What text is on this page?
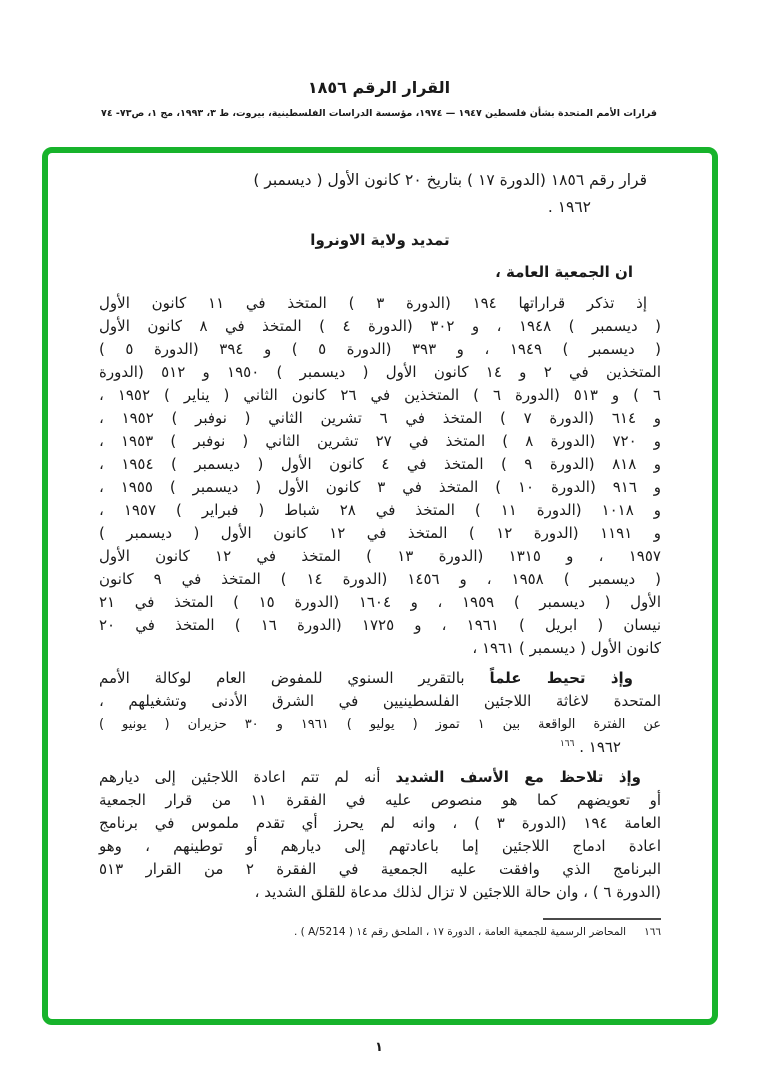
القرار الرقم ١٨٥٦
قرارات الأمم المتحدة بشأن فلسطين ١٩٤٧ — ١٩٧٤، مؤسسة الدراسات الفلسطينية، بيروت، ط ٣، ١٩٩٣، مج ١، ص٧٣- ٧٤
قرار رقم ١٨٥٦ (الدورة ١٧ ) بتاريخ ٢٠ كانون الأول ( ديسمبر )
١٩٦٢ .
تمديد ولاية الاونروا
ان الجمعية العامة ،
إذ تذكر قراراتها ١٩٤ (الدورة ٣ ) المتخذ في ١١ كانون الأول
( ديسمبر ) ١٩٤٨ ، و ٣٠٢ (الدورة ٤ ) المتخذ في ٨ كانون الأول
( ديسمبر ) ١٩٤٩ ، و ٣٩٣ (الدورة ٥ ) و ٣٩٤ (الدورة ٥ )
المتخذين في ٢ و ١٤ كانون الأول ( ديسمبر ) ١٩٥٠ و ٥١٢ (الدورة
٦ ) و ٥١٣ (الدورة ٦ ) المتخذين في ٢٦ كانون الثاني ( يناير ) ١٩٥٢ ،
و ٦١٤ (الدورة ٧ ) المتخذ في ٦ تشرين الثاني ( نوفبر ) ١٩٥٢ ،
و ٧٢٠ (الدورة ٨ ) المتخذ في ٢٧ تشرين الثاني ( نوفبر ) ١٩٥٣ ،
و ٨١٨ (الدورة ٩ ) المتخذ في ٤ كانون الأول ( ديسمبر ) ١٩٥٤ ،
و ٩١٦ (الدورة ١٠ ) المتخذ في ٣ كانون الأول ( ديسمبر ) ١٩٥٥ ،
و ١٠١٨ (الدورة ١١ ) المتخذ في ٢٨ شباط ( فبراير ) ١٩٥٧ ،
و ١١٩١ (الدورة ١٢ ) المتخذ في ١٢ كانون الأول ( ديسمبر )
١٩٥٧ ، و ١٣١٥ (الدورة ١٣ ) المتخذ في ١٢ كانون الأول
( ديسمبر ) ١٩٥٨ ، و ١٤٥٦ (الدورة ١٤ ) المتخذ في ٩ كانون
الأول ( ديسمبر ) ١٩٥٩ ، و ١٦٠٤ (الدورة ١٥ ) المتخذ في ٢١
نيسان ( ابريل ) ١٩٦١ ، و ١٧٢٥ (الدورة ١٦ ) المتخذ في ٢٠
كانون الأول ( ديسمبر ) ١٩٦١ ،
وإذ تحيط علماً بالتقرير السنوي للمفوض العام لوكالة الأمم
المتحدة لاغاثة اللاجئين الفلسطينيين في الشرق الأدنى وتشغيلهم ،
عن الفترة الواقعة بين ١ تموز ( يوليو ) ١٩٦١ و ٣٠ حزيران ( يونيو )
١٩٦٢ . $^{١٦٦}$
وإذ تلاحظ مع الأسف الشديد أنه لم تتم اعادة اللاجئين إلى ديارهم
أو تعويضهم كما هو منصوص عليه في الفقرة ١١ من قرار الجمعية
العامة ١٩٤ (الدورة ٣ ) ، وانه لم يحرز أي تقدم ملموس في برنامج
اعادة ادماج اللاجئين إما باعادتهم إلى ديارهم أو توطينهم ، وهو
البرنامج الذي وافقت عليه الجمعية في الفقرة ٢ من القرار ٥١٣
(الدورة ٦ ) ، وان حالة اللاجئين لا تزال لذلك مدعاة للقلق الشديد ،
١٦٦
المحاضر الرسمية للجمعية العامة ، الدورة ١٧ ، الملحق رقم ١٤ ( A/5214 ) .
١
